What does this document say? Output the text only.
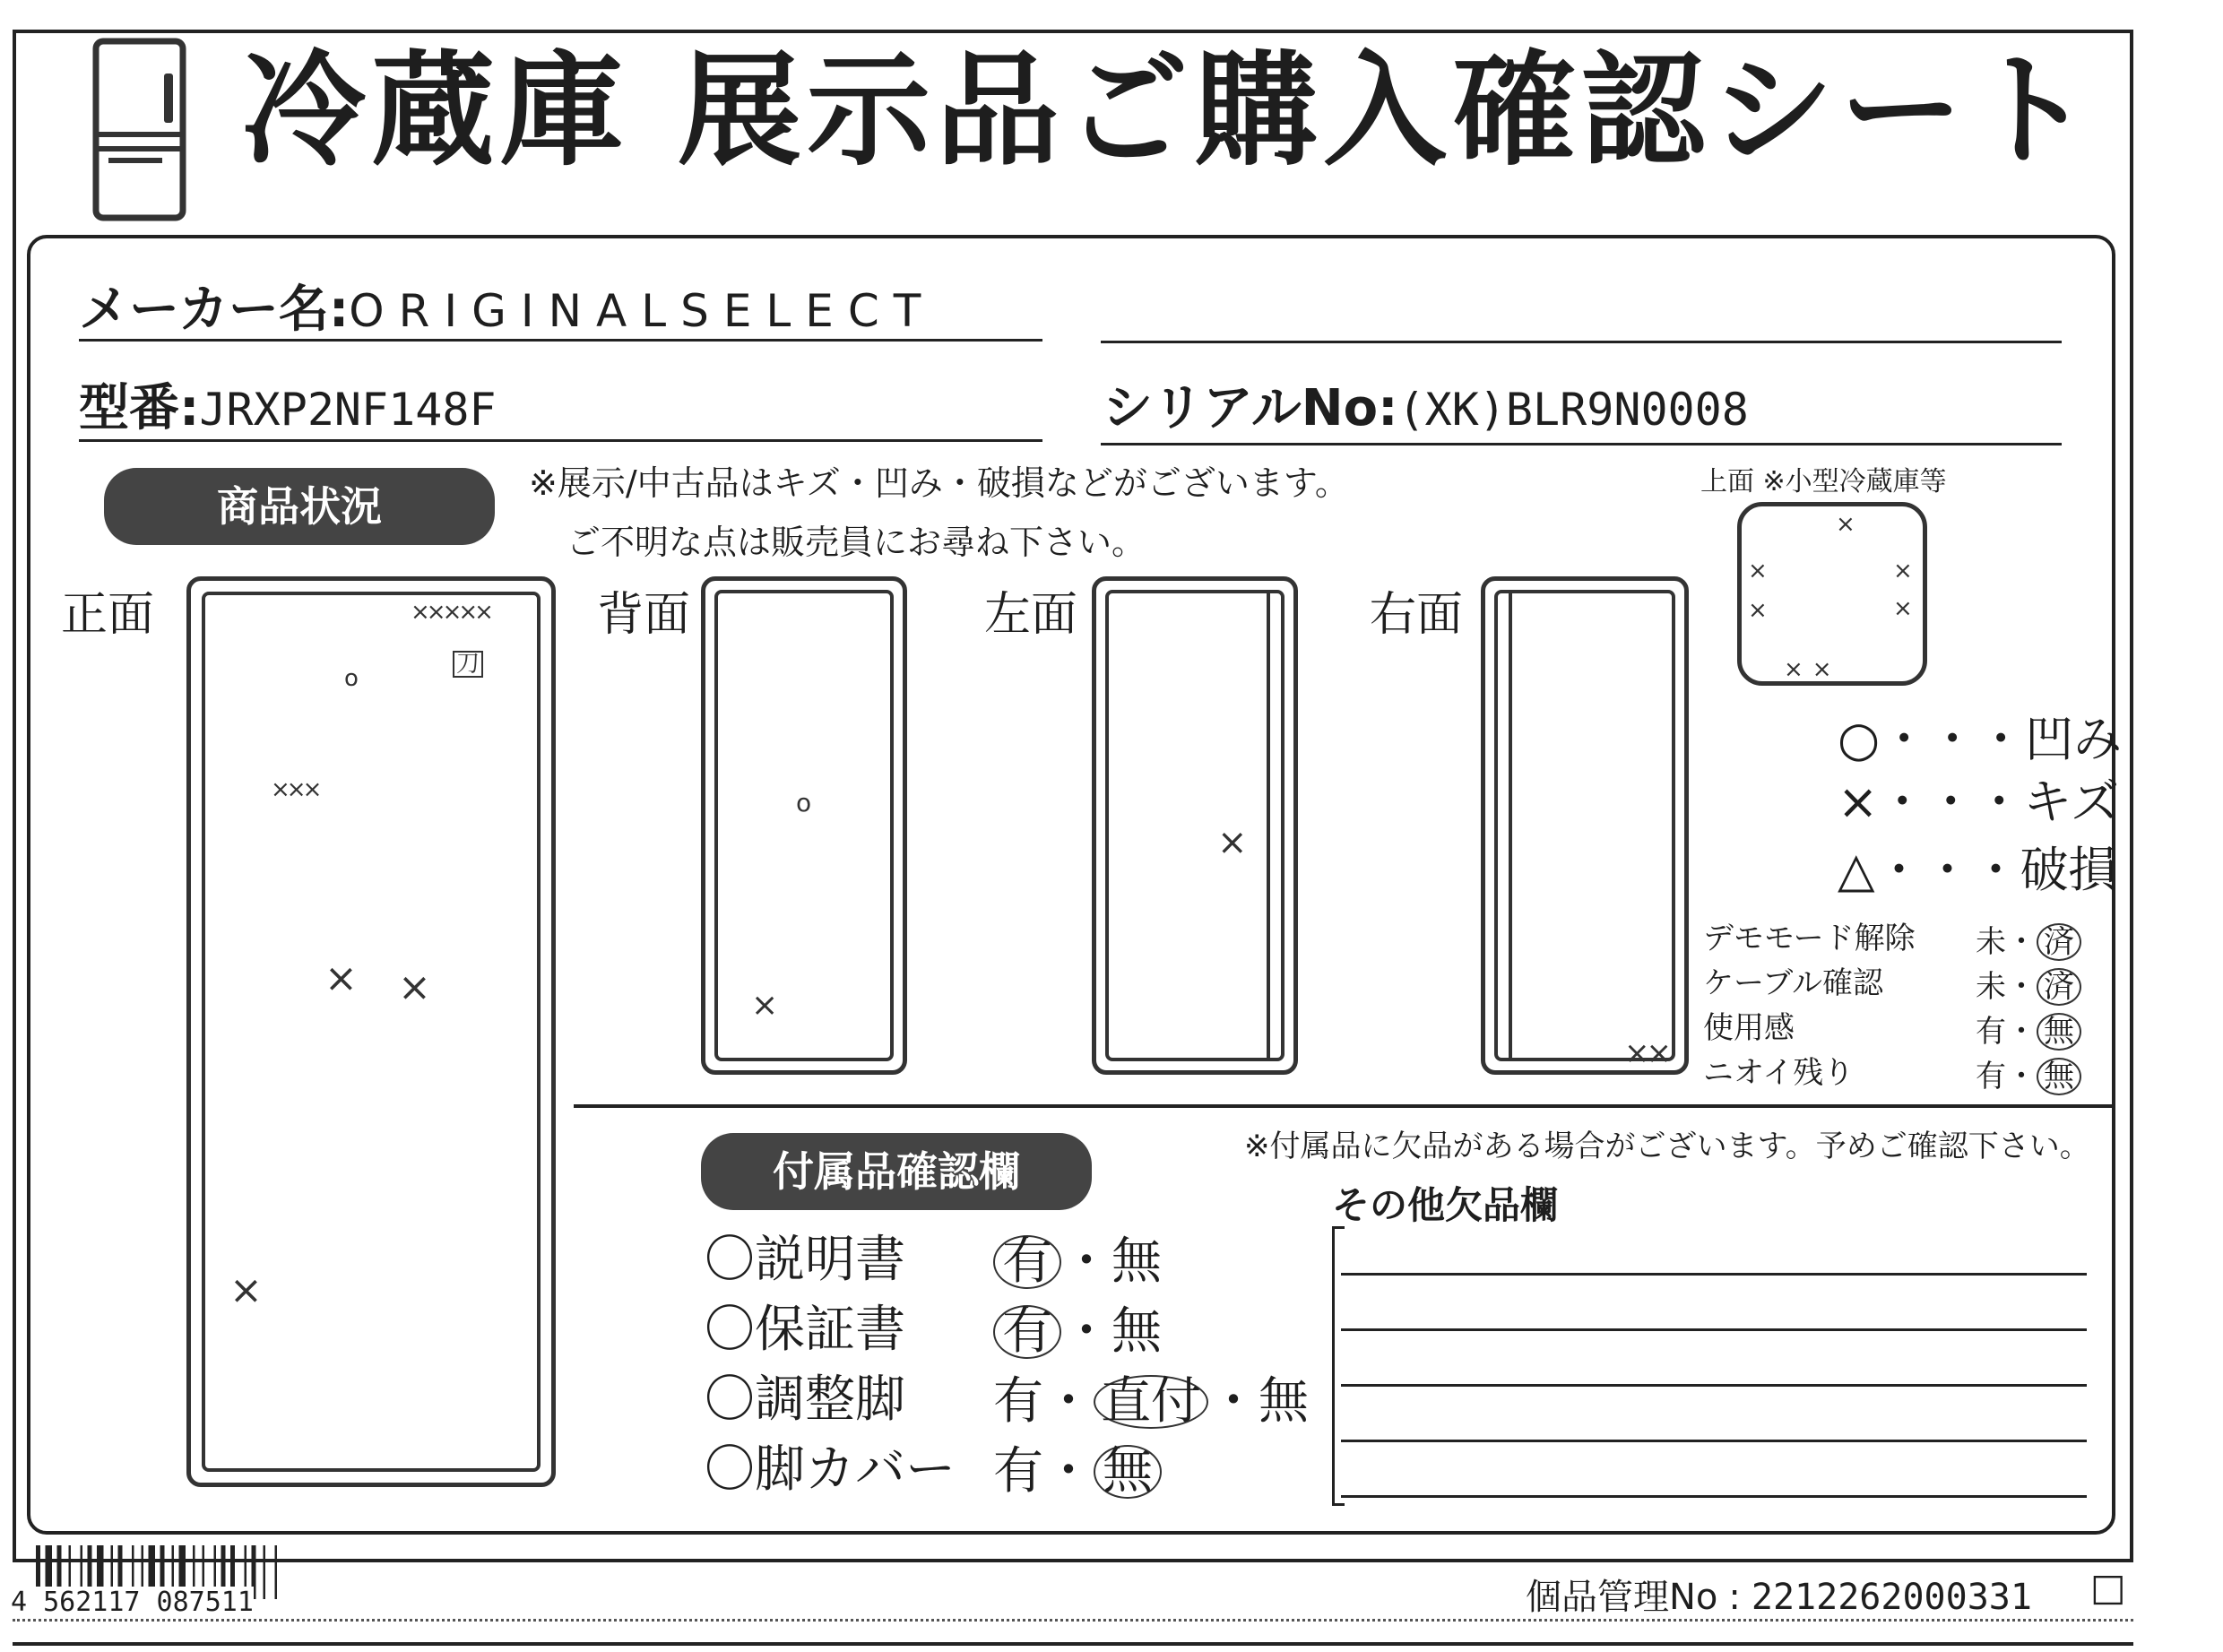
冷蔵庫 展示品ご購入確認シート
メーカー名:ORIGINALSELECT
型番:JRXP2NF148F	シリアルNo:(XK)BLR9N0008
商品状況	※展示/中古品はキズ・凹み・破損などがございます。
ご不明な点は販売員にお尋ね下さい。
上面 ※小型冷蔵庫等
正面	背面	左面	右面
o
×××××
刀
×××
× ×
×
o
×
×
××
×
×
×
×
×
××
○・・・凹み
×・・・キズ
△・・・破損
デモモード解除 未・ 済
ケーブル確認	未・ 済
使用感	有・ 無
ニオイ残り	有・ 無
付属品確認欄
※付属品に欠品がある場合がございます。予めご確認下さい。
その他欠品欄
〇説明書 有 ・無
〇保証書 有 ・無
〇調整脚 有・ 直付 ・無
〇脚カバー 有・ 無
4 562117 087511	個品管理No : 2212262000331 □
